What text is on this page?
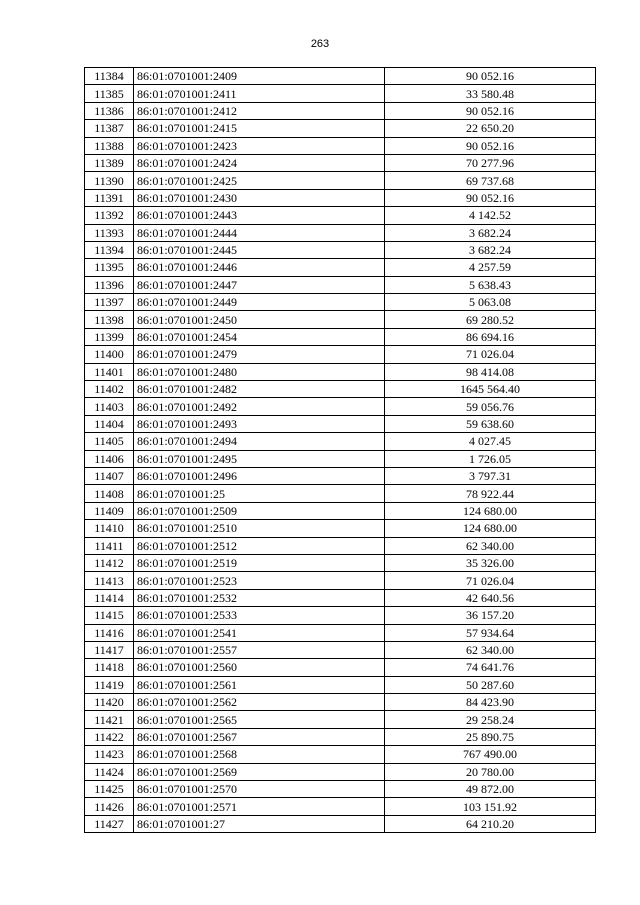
263
11384	86:01:0701001:2409	90 052.16
11385	86:01:0701001:2411	33 580.48
11386	86:01:0701001:2412	90 052.16
11387	86:01:0701001:2415	22 650.20
11388	86:01:0701001:2423	90 052.16
11389	86:01:0701001:2424	70 277.96
11390	86:01:0701001:2425	69 737.68
11391	86:01:0701001:2430	90 052.16
11392	86:01:0701001:2443	4 142.52
11393	86:01:0701001:2444	3 682.24
11394	86:01:0701001:2445	3 682.24
11395	86:01:0701001:2446	4 257.59
11396	86:01:0701001:2447	5 638.43
11397	86:01:0701001:2449	5 063.08
11398	86:01:0701001:2450	69 280.52
11399	86:01:0701001:2454	86 694.16
11400	86:01:0701001:2479	71 026.04
11401	86:01:0701001:2480	98 414.08
11402	86:01:0701001:2482	1645 564.40
11403	86:01:0701001:2492	59 056.76
11404	86:01:0701001:2493	59 638.60
11405	86:01:0701001:2494	4 027.45
11406	86:01:0701001:2495	1 726.05
11407	86:01:0701001:2496	3 797.31
11408	86:01:0701001:25	78 922.44
11409	86:01:0701001:2509	124 680.00
11410	86:01:0701001:2510	124 680.00
11411	86:01:0701001:2512	62 340.00
11412	86:01:0701001:2519	35 326.00
11413	86:01:0701001:2523	71 026.04
11414	86:01:0701001:2532	42 640.56
11415	86:01:0701001:2533	36 157.20
11416	86:01:0701001:2541	57 934.64
11417	86:01:0701001:2557	62 340.00
11418	86:01:0701001:2560	74 641.76
11419	86:01:0701001:2561	50 287.60
11420	86:01:0701001:2562	84 423.90
11421	86:01:0701001:2565	29 258.24
11422	86:01:0701001:2567	25 890.75
11423	86:01:0701001:2568	767 490.00
11424	86:01:0701001:2569	20 780.00
11425	86:01:0701001:2570	49 872.00
11426	86:01:0701001:2571	103 151.92
11427	86:01:0701001:27	64 210.20
